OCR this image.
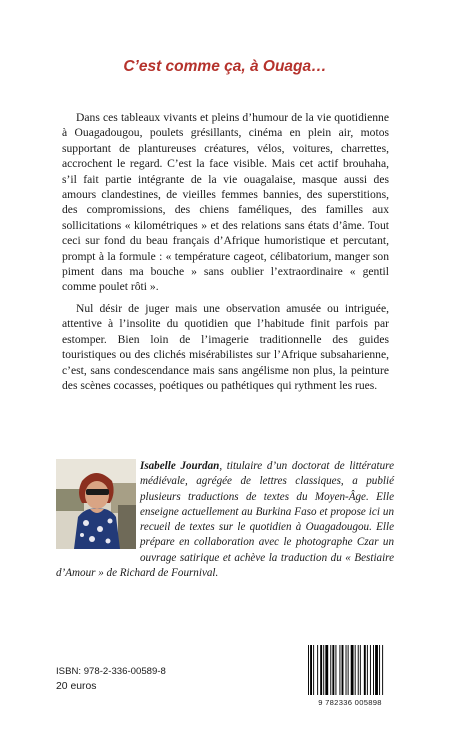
C’est comme ça, à Ouaga…

Dans ces tableaux vivants et pleins d’humour de la vie quotidienne à Ouagadougou, poulets grésillants, cinéma en plein air, motos supportant de plantureuses créatures, vélos, voitures, charrettes, accrochent le regard. C’est la face visible. Mais cet actif brouhaha, s’il fait partie intégrante de la vie ouagalaise, masque aussi des amours clandestines, de vieilles femmes bannies, des superstitions, des compromissions, des chiens faméliques, des familles aux sollicitations « kilométriques » et des relations sans états d’âme. Tout ceci sur fond du beau français d’Afrique humoristique et percutant, prompt à la formule : « température cageot, célibatorium, manger son piment dans ma bouche » sans oublier l’extraordinaire « gentil comme poulet rôti ».

Nul désir de juger mais une observation amusée ou intriguée, attentive à l’insolite du quotidien que l’habitude finit parfois par estomper. Bien loin de l’imagerie traditionnelle des guides touristiques ou des clichés misérabilistes sur l’Afrique subsaharienne, c’est, sans condescendance mais sans angélisme non plus, la peinture des scènes cocasses, poétiques ou pathétiques qui rythment les rues.

Isabelle Jourdan, titulaire d’un doctorat de littérature médiévale, agrégée de lettres classiques, a publié plusieurs traductions de textes du Moyen-Âge. Elle enseigne actuellement au Burkina Faso et propose ici un recueil de textes sur le quotidien à Ouagadougou. Elle prépare en collaboration avec le photographe Czar un ouvrage satirique et achève la traduction du « Bestiaire d’Amour » de Richard de Fournival.
ISBN: 978-2-336-00589-8
20 euros
9 782336 005898
